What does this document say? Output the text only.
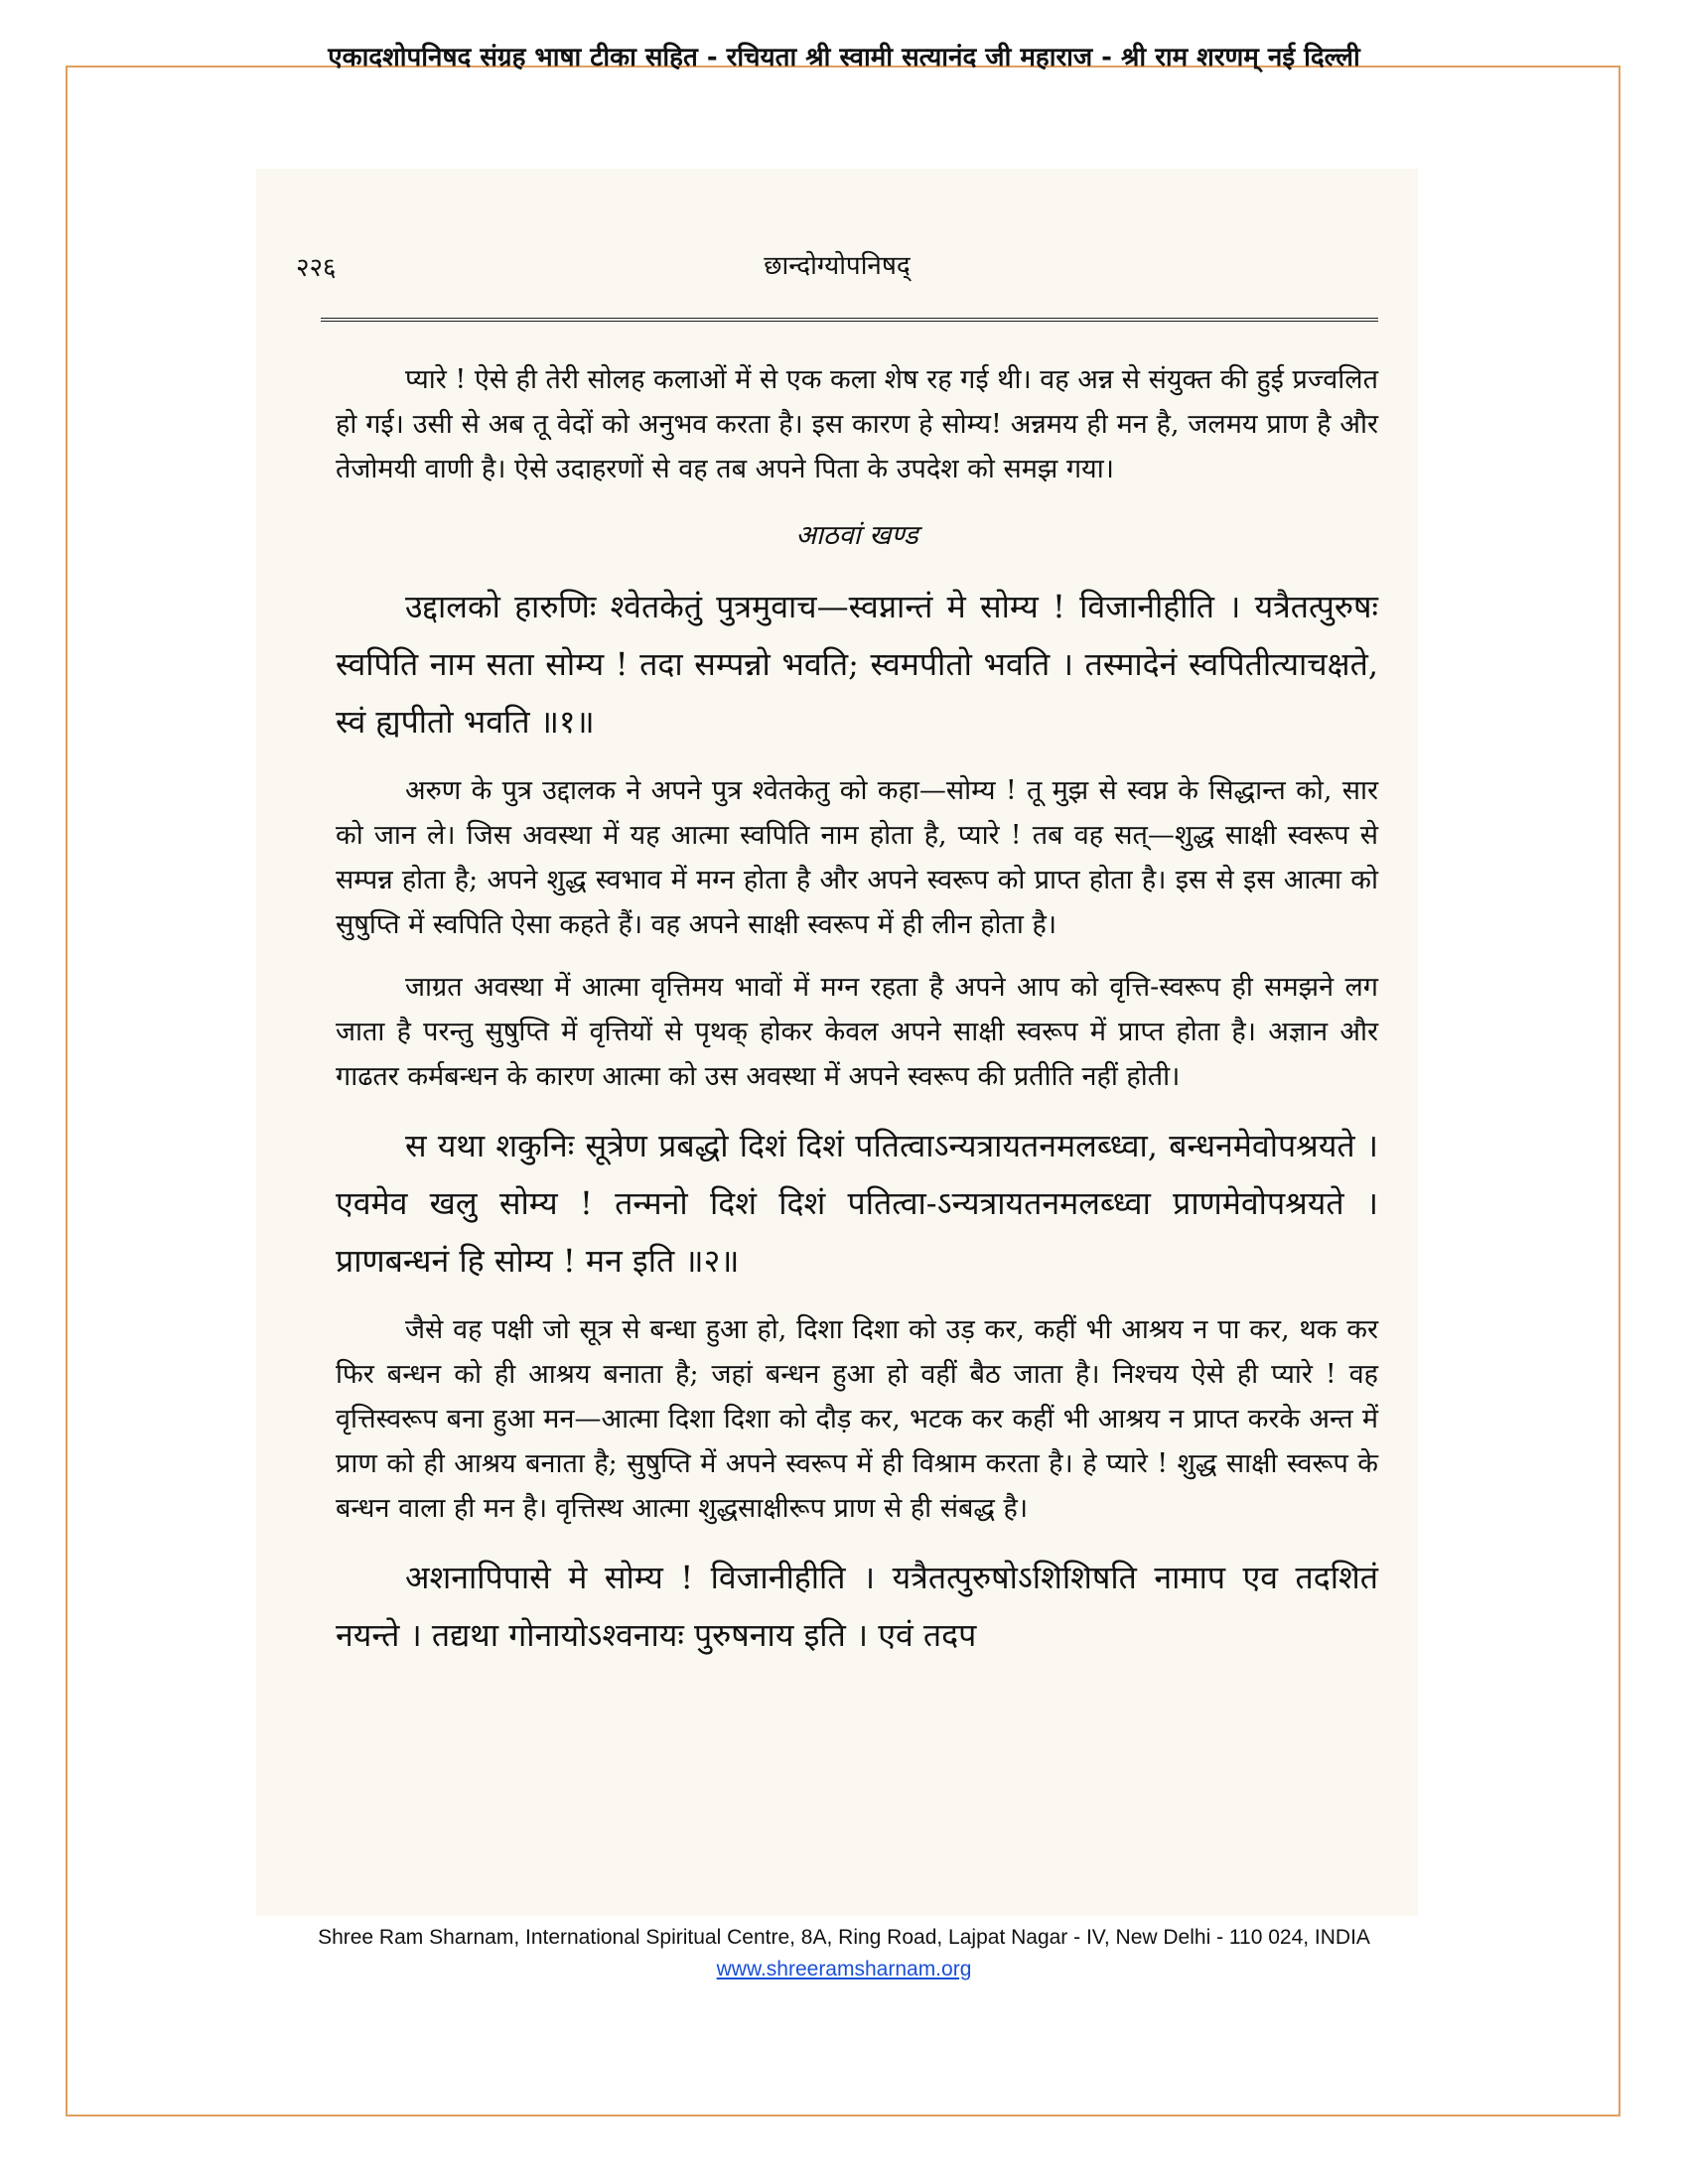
एकादशोपनिषद संग्रह भाषा टीका सहित - रचियता श्री स्वामी सत्यानंद जी महाराज - श्री राम शरणम् नई दिल्ली
२२६	छान्दोग्योपनिषद्

प्यारे ! ऐसे ही तेरी सोलह कलाओं में से एक कला शेष रह गई थी। वह अन्न से संयुक्त की हुई प्रज्वलित हो गई। उसी से अब तू वेदों को अनुभव करता है। इस कारण हे सोम्य! अन्नमय ही मन है, जलमय प्राण है और तेजोमयी वाणी है। ऐसे उदाहरणों से वह तब अपने पिता के उपदेश को समझ गया।

आठवां खण्ड

उद्दालको हारुणिः श्वेतकेतुं पुत्रमुवाच—स्वप्नान्तं मे सोम्य ! विजानीहीति । यत्रैतत्पुरुषः स्वपिति नाम सता सोम्य ! तदा सम्पन्नो भवति; स्वमपीतो भवति । तस्मादेनं स्वपितीत्याचक्षते, स्वं ह्यपीतो भवति ॥१॥

अरुण के पुत्र उद्दालक ने अपने पुत्र श्वेतकेतु को कहा—सोम्य ! तू मुझ से स्वप्न के सिद्धान्त को, सार को जान ले। जिस अवस्था में यह आत्मा स्वपिति नाम होता है, प्यारे ! तब वह सत्—शुद्ध साक्षी स्वरूप से सम्पन्न होता है; अपने शुद्ध स्वभाव में मग्न होता है और अपने स्वरूप को प्राप्त होता है। इस से इस आत्मा को सुषुप्ति में स्वपिति ऐसा कहते हैं। वह अपने साक्षी स्वरूप में ही लीन होता है।

जाग्रत अवस्था में आत्मा वृत्तिमय भावों में मग्न रहता है अपने आप को वृत्ति-स्वरूप ही समझने लग जाता है परन्तु सुषुप्ति में वृत्तियों से पृथक् होकर केवल अपने साक्षी स्वरूप में प्राप्त होता है। अज्ञान और गाढतर कर्मबन्धन के कारण आत्मा को उस अवस्था में अपने स्वरूप की प्रतीति नहीं होती।

स यथा शकुनिः सूत्रेण प्रबद्धो दिशं दिशं पतित्वाऽन्यत्रायतनमलब्ध्वा, बन्धनमेवोपश्रयते । एवमेव खलु सोम्य ! तन्मनो दिशं दिशं पतित्वा-ऽन्यत्रायतनमलब्ध्वा प्राणमेवोपश्रयते । प्राणबन्धनं हि सोम्य ! मन इति ॥२॥

जैसे वह पक्षी जो सूत्र से बन्धा हुआ हो, दिशा दिशा को उड़ कर, कहीं भी आश्रय न पा कर, थक कर फिर बन्धन को ही आश्रय बनाता है; जहां बन्धन हुआ हो वहीं बैठ जाता है। निश्चय ऐसे ही प्यारे ! वह वृत्तिस्वरूप बना हुआ मन—आत्मा दिशा दिशा को दौड़ कर, भटक कर कहीं भी आश्रय न प्राप्त करके अन्त में प्राण को ही आश्रय बनाता है; सुषुप्ति में अपने स्वरूप में ही विश्राम करता है। हे प्यारे ! शुद्ध साक्षी स्वरूप के बन्धन वाला ही मन है। वृत्तिस्थ आत्मा शुद्धसाक्षीरूप प्राण से ही संबद्ध है।

अशनापिपासे मे सोम्य ! विजानीहीति । यत्रैतत्पुरुषोऽशिशिषति नामाप एव तदशितं नयन्ते । तद्यथा गोनायोऽश्वनायः पुरुषनाय इति । एवं तदप

Shree Ram Sharnam, International Spiritual Centre, 8A, Ring Road, Lajpat Nagar - IV, New Delhi - 110 024, INDIA
www.shreeramsharnam.org
